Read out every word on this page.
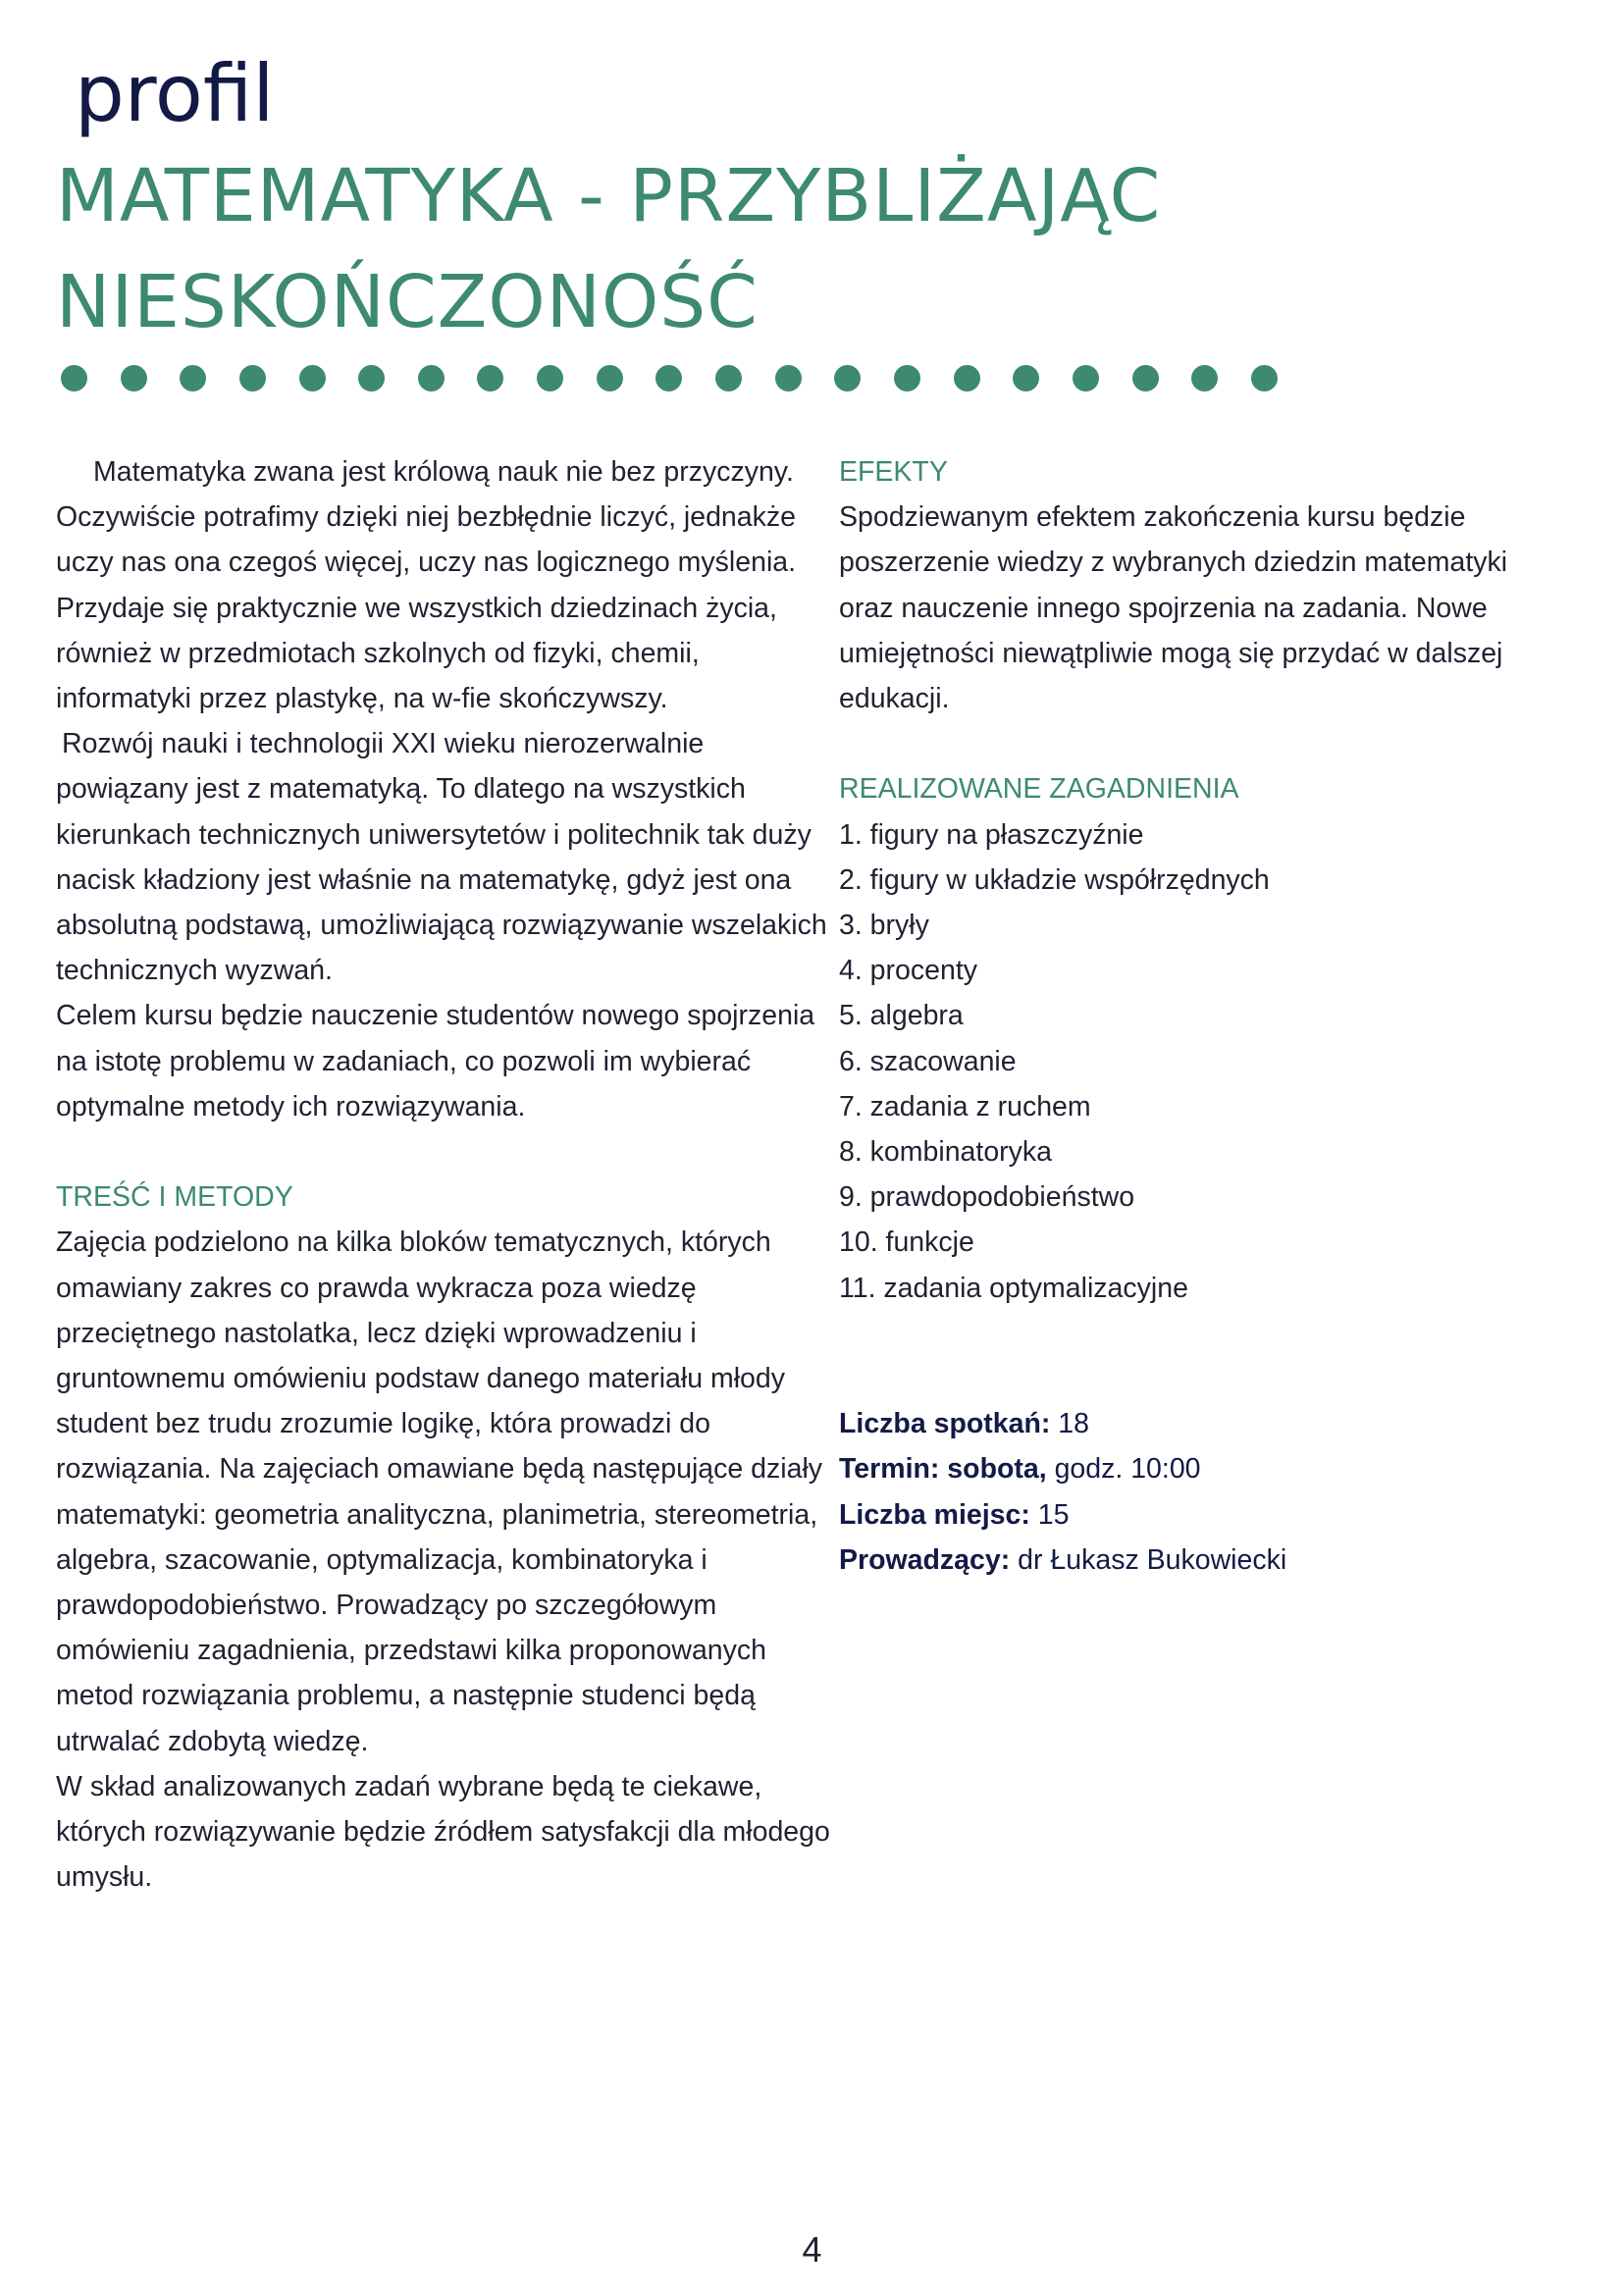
profil
MATEMATYKA - PRZYBLIŻAJĄC
NIESKOŃCZONOŚĆ

Matematyka zwana jest królową nauk nie bez przyczyny. Oczywiście potrafimy dzięki niej bezbłędnie liczyć, jednakże uczy nas ona czegoś więcej, uczy nas logicznego myślenia. Przydaje się praktycznie we wszystkich dziedzinach życia, również w przedmiotach szkolnych od fizyki, chemii, informatyki przez plastykę, na w-fie skończywszy.

Rozwój nauki i technologii XXI wieku nierozerwalnie powiązany jest z matematyką. To dlatego na wszystkich kierunkach technicznych uniwersytetów i politechnik tak duży nacisk kładziony jest właśnie na matematykę, gdyż jest ona absolutną podstawą, umożliwiającą rozwiązywanie wszelakich technicznych wyzwań.

Celem kursu będzie nauczenie studentów nowego spojrzenia na istotę problemu w zadaniach, co pozwoli im wybierać optymalne metody ich rozwiązywania.

TREŚĆ I METODY

Zajęcia podzielono na kilka bloków tematycznych, których omawiany zakres co prawda wykracza poza wiedzę przeciętnego nastolatka, lecz dzięki wprowadzeniu i gruntownemu omówieniu podstaw danego materiału młody student bez trudu zrozumie logikę, która prowadzi do rozwiązania. Na zajęciach omawiane będą następujące działy matematyki: geometria analityczna, planimetria, stereometria, algebra, szacowanie, optymalizacja, kombinatoryka i prawdopodobieństwo. Prowadzący po szczegółowym omówieniu zagadnienia, przedstawi kilka proponowanych metod rozwiązania problemu, a następnie studenci będą utrwalać zdobytą wiedzę.

W skład analizowanych zadań wybrane będą te ciekawe, których rozwiązywanie będzie źródłem satysfakcji dla młodego umysłu.

EFEKTY

Spodziewanym efektem zakończenia kursu będzie poszerzenie wiedzy z wybranych dziedzin matematyki oraz nauczenie innego spojrzenia na zadania. Nowe umiejętności niewątpliwie mogą się przydać w dalszej edukacji.

REALIZOWANE ZAGADNIENIA
1. figury na płaszczyźnie
2. figury w układzie współrzędnych
3. bryły
4. procenty
5. algebra
6. szacowanie
7. zadania z ruchem
8. kombinatoryka
9. prawdopodobieństwo
10. funkcje
11. zadania optymalizacyjne

Liczba spotkań: 18

Termin: sobota, godz. 10:00

Liczba miejsc: 15

Prowadzący: dr Łukasz Bukowiecki

4
